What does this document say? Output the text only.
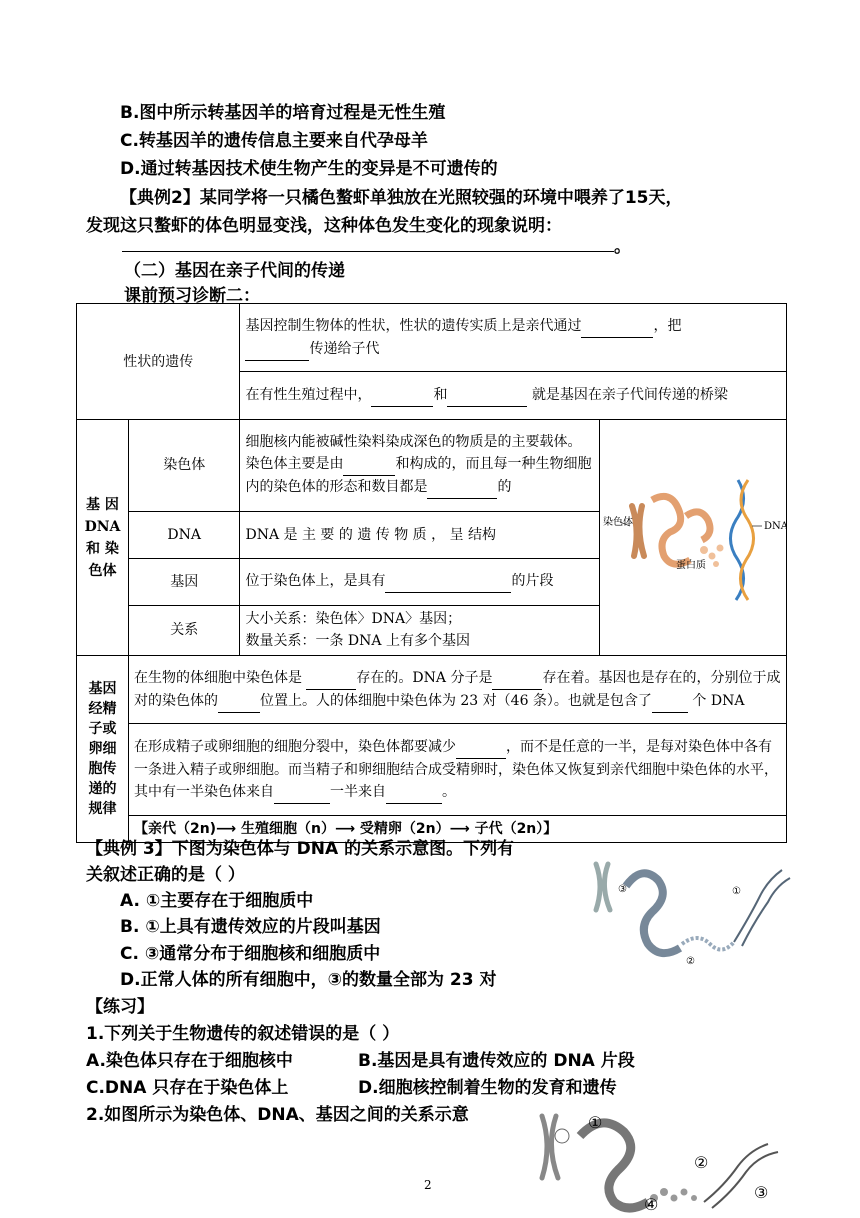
B.图中所示转基因羊的培育过程是无性生殖
C.转基因羊的遗传信息主要来自代孕母羊
D.通过转基因技术使生物产生的变异是不可遗传的
【典例2】某同学将一只橘色螯虾单独放在光照较强的环境中喂养了15天，
发现这只螯虾的体色明显变浅，这种体色发生变化的现象说明：
。
（二）基因在亲子代间的传递
课前预习诊断二：
性状的遗传		基因控制生物体的性状，性状的遗传实质上是亲代通过 ，把
传递给子代	
		在有性生殖过程中， 和 就是基因在亲子代间传递的桥梁	
基 因 DNA 和 染色体	染色体	细胞核内能被碱性染料染成深色的物质是的主要载体。染色体主要是由 和构成的，而且每一种生物细胞内的染色体的形态和数目都是 的	染色体 DNA
蛋白质

	DNA	DNA 是 主 要 的 遗 传 物 质 ， 呈 结构	
	基因	位于染色体上，是具有 的片段	
	关系	大小关系：染色体〉DNA〉基因；
数量关系：一条 DNA 上有多个基因	
基因经精子或卵细胞传递的规律	在生物的体细胞中染色体是 存在的。DNA 分子是 存在着。基因也是存在的，分别位于成对的染色体的 位置上。人的体细胞中染色体为 23 对（46 条）。也就是包含了 个 DNA		
	在形成精子或卵细胞的细胞分裂中，染色体都要减少 ，而不是任意的一半，是每对染色体中各有一条进入精子或卵细胞。而当精子和卵细胞结合成受精卵时，染色体又恢复到亲代细胞中染色体的水平，其中有一半染色体来自 一半来自 。		
	【亲代（2n)⟶ 生殖细胞（n）⟶ 受精卵（2n）⟶ 子代（2n）】		
【典例 3】下图为染色体与 DNA 的关系示意图。下列有
关叙述正确的是（ ）
A. ①主要存在于细胞质中
B. ①上具有遗传效应的片段叫基因
C. ③通常分布于细胞核和细胞质中
D.正常人体的所有细胞中，③的数量全部为 23 对
③	①
②
【练习】
1.下列关于生物遗传的叙述错误的是（ ）
A.染色体只存在于细胞核中	B.基因是具有遗传效应的 DNA 片段
C.DNA 只存在于染色体上	D.细胞核控制着生物的发育和遗传
2.如图所示为染色体、DNA、基因之间的关系示意	①
②
④
③
2
